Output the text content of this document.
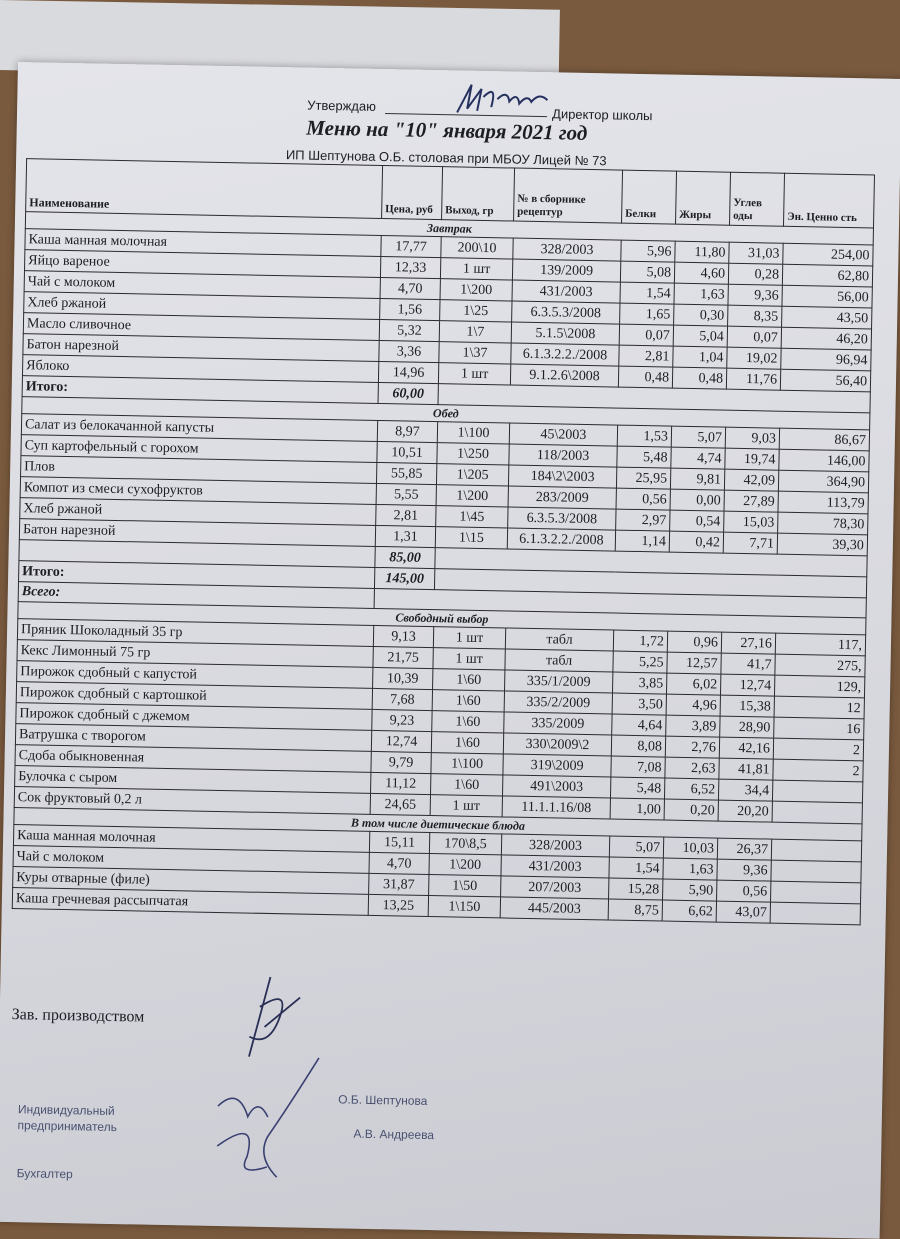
Утверждаю
Директор школы
Меню на "10" января 2021 год
ИП Шептунова О.Б. столовая при МБОУ Лицей № 73
Наименование	Цена, руб	Выход, гр	№ в сборнике рецептур	Белки	Жиры	Углев оды	Эн. Ценно сть
Завтрак							
Каша манная молочная	17,77	200\10	328/2003	5,96	11,80	31,03	254,00
Яйцо вареное	12,33	1 шт	139/2009	5,08	4,60	0,28	62,80
Чай с молоком	4,70	1\200	431/2003	1,54	1,63	9,36	56,00
Хлеб ржаной	1,56	1\25	6.3.5.3/2008	1,65	0,30	8,35	43,50
Масло сливочное	5,32	1\7	5.1.5\2008	0,07	5,04	0,07	46,20
Батон нарезной	3,36	1\37	6.1.3.2.2./2008	2,81	1,04	19,02	96,94
Яблоко	14,96	1 шт	9.1.2.6\2008	0,48	0,48	11,76	56,40
Итого:	60,00						
Обед							
Салат из белокачанной капусты	8,97	1\100	45\2003	1,53	5,07	9,03	86,67
Суп картофельный с горохом	10,51	1\250	118/2003	5,48	4,74	19,74	146,00
Плов	55,85	1\205	184\2\2003	25,95	9,81	42,09	364,90
Компот из смеси сухофруктов	5,55	1\200	283/2009	0,56	0,00	27,89	113,79
Хлеб ржаной	2,81	1\45	6.3.5.3/2008	2,97	0,54	15,03	78,30
Батон нарезной	1,31	1\15	6.1.3.2.2./2008	1,14	0,42	7,71	39,30
	85,00						
Итого:	145,00						
Всего:							
Свободный выбор							
Пряник Шоколадный 35 гр	9,13	1 шт	табл	1,72	0,96	27,16	117,
Кекс Лимонный 75 гр	21,75	1 шт	табл	5,25	12,57	41,7	275,
Пирожок сдобный с капустой	10,39	1\60	335/1/2009	3,85	6,02	12,74	129,
Пирожок сдобный с картошкой	7,68	1\60	335/2/2009	3,50	4,96	15,38	12
Пирожок сдобный с джемом	9,23	1\60	335/2009	4,64	3,89	28,90	16
Ватрушка с творогом	12,74	1\60	330\2009\2	8,08	2,76	42,16	2
Сдоба обыкновенная	9,79	1\100	319\2009	7,08	2,63	41,81	2
Булочка с сыром	11,12	1\60	491\2003	5,48	6,52	34,4	
Сок фруктовый 0,2 л	24,65	1 шт	11.1.1.16/08	1,00	0,20	20,20	
В том числе диетические блюда							
Каша манная молочная	15,11	170\8,5	328/2003	5,07	10,03	26,37	
Чай с молоком	4,70	1\200	431/2003	1,54	1,63	9,36	
Куры отварные (филе)	31,87	1\50	207/2003	15,28	5,90	0,56	
Каша гречневая рассыпчатая	13,25	1\150	445/2003	8,75	6,62	43,07	
Зав. производством
Индивидуальный
предприниматель
О.Б. Шептунова
Бухгалтер
А.В. Андреева
